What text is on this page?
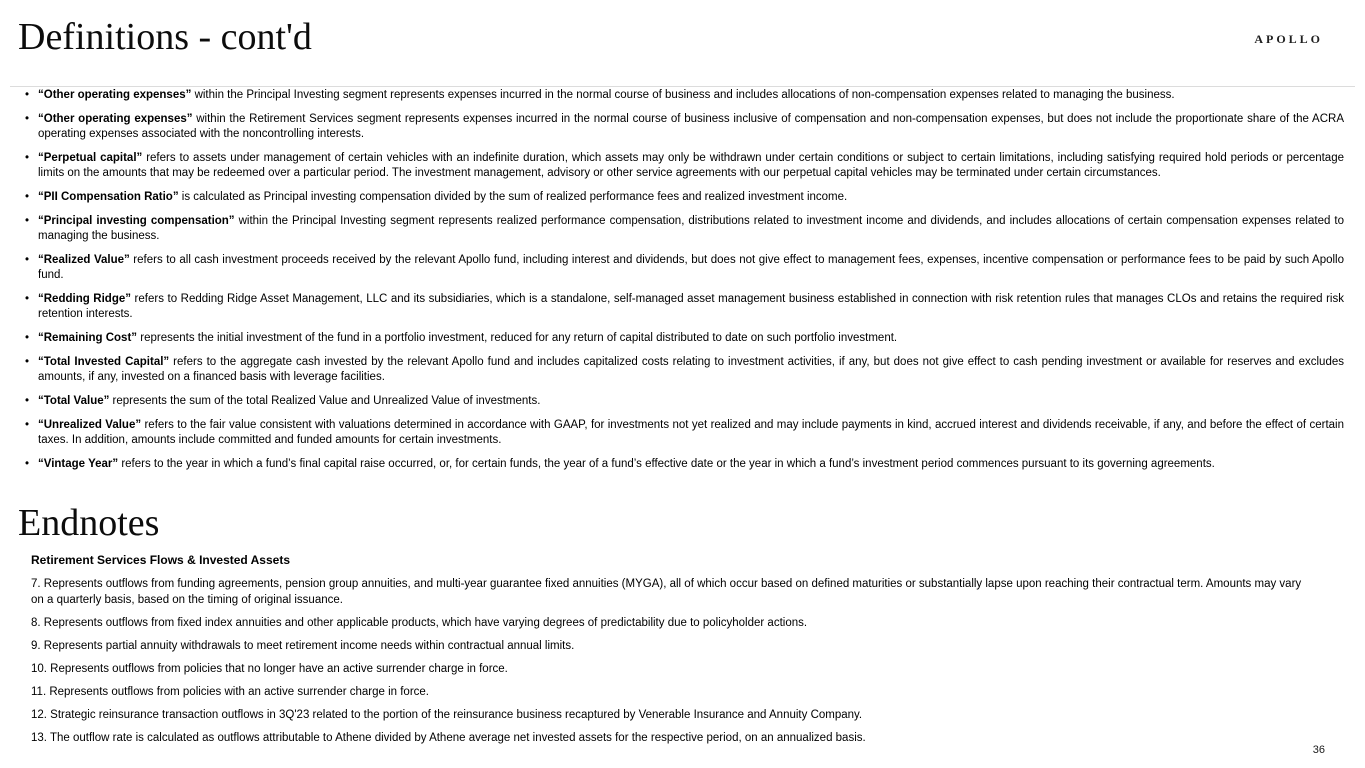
Definitions - cont'd	APOLLO
• “Other operating expenses” within the Principal Investing segment represents expenses incurred in the normal course of business and includes allocations of non-compensation expenses related to managing the business.
• “Other operating expenses” within the Retirement Services segment represents expenses incurred in the normal course of business inclusive of compensation and non-compensation expenses, but does not include the proportionate share of the ACRA operating expenses associated with the noncontrolling interests.
• “Perpetual capital” refers to assets under management of certain vehicles with an indefinite duration, which assets may only be withdrawn under certain conditions or subject to certain limitations, including satisfying required hold periods or percentage limits on the amounts that may be redeemed over a particular period. The investment management, advisory or other service agreements with our perpetual capital vehicles may be terminated under certain circumstances.
• “PII Compensation Ratio” is calculated as Principal investing compensation divided by the sum of realized performance fees and realized investment income.
• “Principal investing compensation” within the Principal Investing segment represents realized performance compensation, distributions related to investment income and dividends, and includes allocations of certain compensation expenses related to managing the business.
• “Realized Value” refers to all cash investment proceeds received by the relevant Apollo fund, including interest and dividends, but does not give effect to management fees, expenses, incentive compensation or performance fees to be paid by such Apollo fund.
• “Redding Ridge” refers to Redding Ridge Asset Management, LLC and its subsidiaries, which is a standalone, self-managed asset management business established in connection with risk retention rules that manages CLOs and retains the required risk retention interests.
• “Remaining Cost” represents the initial investment of the fund in a portfolio investment, reduced for any return of capital distributed to date on such portfolio investment.
• “Total Invested Capital” refers to the aggregate cash invested by the relevant Apollo fund and includes capitalized costs relating to investment activities, if any, but does not give effect to cash pending investment or available for reserves and excludes amounts, if any, invested on a financed basis with leverage facilities.
• “Total Value” represents the sum of the total Realized Value and Unrealized Value of investments.
• “Unrealized Value” refers to the fair value consistent with valuations determined in accordance with GAAP, for investments not yet realized and may include payments in kind, accrued interest and dividends receivable, if any, and before the effect of certain taxes. In addition, amounts include committed and funded amounts for certain investments.
• “Vintage Year” refers to the year in which a fund’s final capital raise occurred, or, for certain funds, the year of a fund’s effective date or the year in which a fund’s investment period commences pursuant to its governing agreements.
Endnotes
Retirement Services Flows & Invested Assets

7. Represents outflows from funding agreements, pension group annuities, and multi-year guarantee fixed annuities (MYGA), all of which occur based on defined maturities or substantially lapse upon reaching their contractual term. Amounts may vary on a quarterly basis, based on the timing of original issuance.

8. Represents outflows from fixed index annuities and other applicable products, which have varying degrees of predictability due to policyholder actions.

9. Represents partial annuity withdrawals to meet retirement income needs within contractual annual limits.

10. Represents outflows from policies that no longer have an active surrender charge in force.

11. Represents outflows from policies with an active surrender charge in force.

12. Strategic reinsurance transaction outflows in 3Q'23 related to the portion of the reinsurance business recaptured by Venerable Insurance and Annuity Company.

13. The outflow rate is calculated as outflows attributable to Athene divided by Athene average net invested assets for the respective period, on an annualized basis.

36
